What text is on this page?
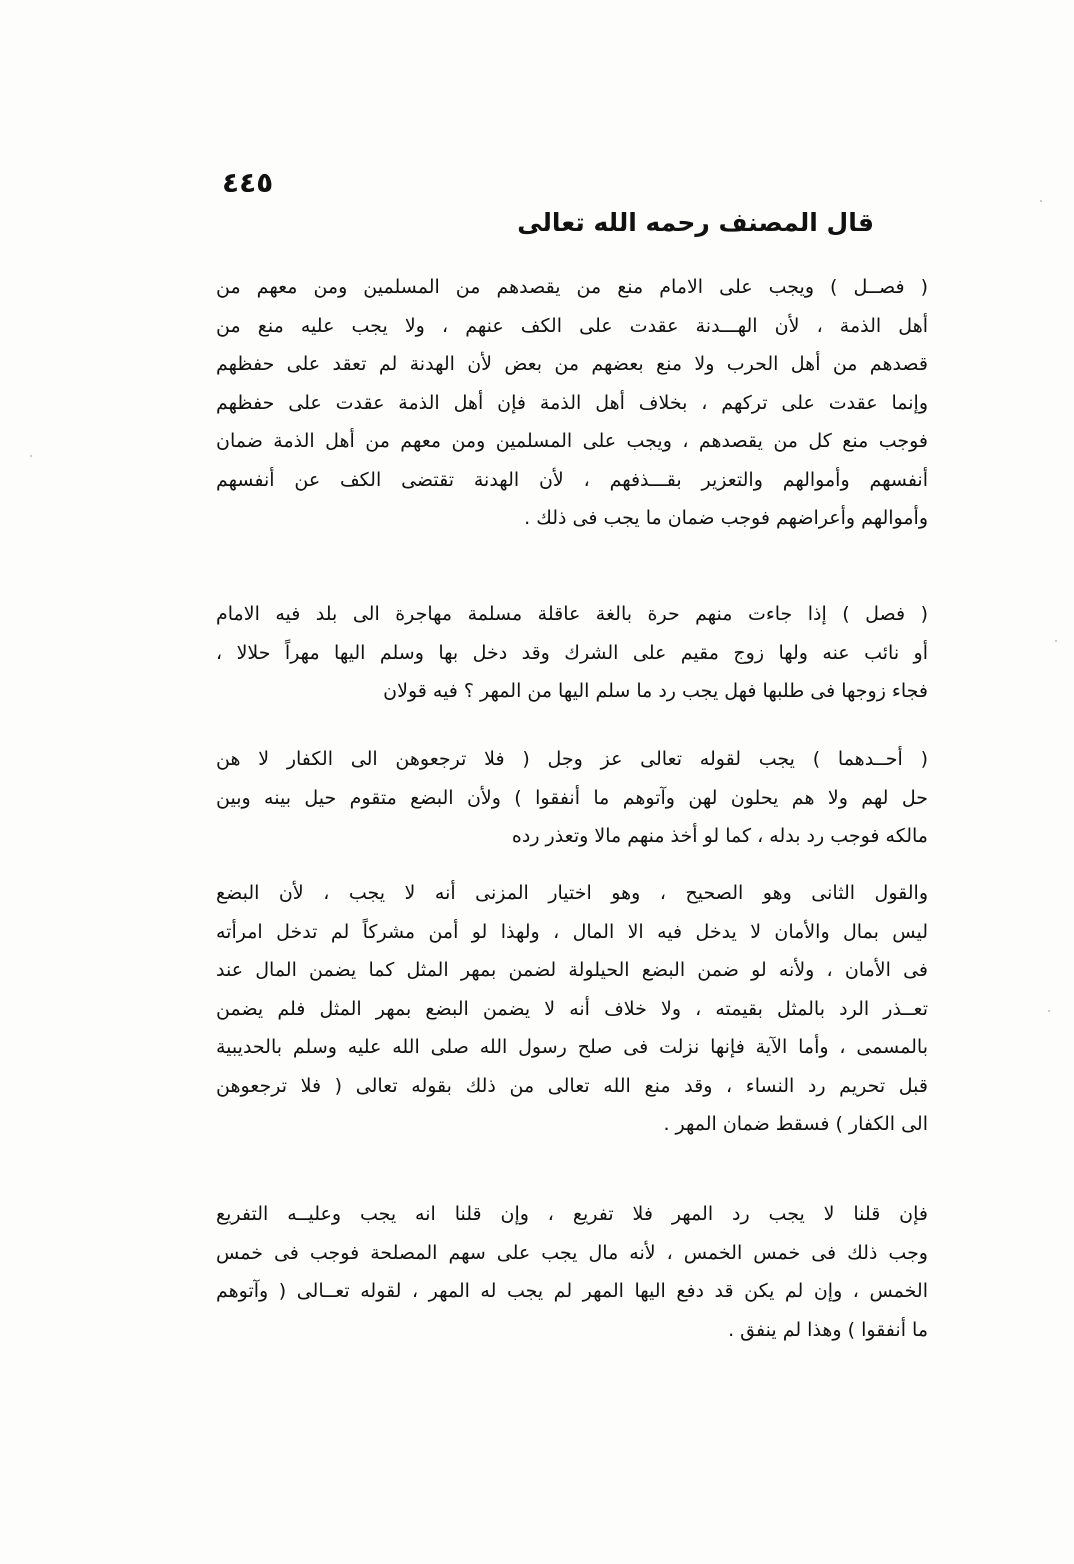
٤٤٥
قال المصنف رحمه الله تعالى
( فصــل ) ويجب على الامام منع من يقصدهم من المسلمين ومن معهم من
أهل الذمة ، لأن الهـــدنة عقدت على الكف عنهم ، ولا يجب عليه منع من
قصدهم من أهل الحرب ولا منع بعضهم من بعض لأن الهدنة لم تعقد على حفظهم
وإنما عقدت على تركهم ، بخلاف أهل الذمة فإن أهل الذمة عقدت على حفظهم
فوجب منع كل من يقصدهم ، ويجب على المسلمين ومن معهم من أهل الذمة ضمان
أنفسهم وأموالهم والتعزير بقـــذفهم ، لأن الهدنة تقتضى الكف عن أنفسهم
وأموالهم وأعراضهم فوجب ضمان ما يجب فى ذلك .
( فصل ) إذا جاءت منهم حرة بالغة عاقلة مسلمة مهاجرة الى بلد فيه الامام
أو نائب عنه ولها زوج مقيم على الشرك وقد دخل بها وسلم اليها مهراً حلالا ،
فجاء زوجها فى طلبها فهل يجب رد ما سلم اليها من المهر ؟ فيه قولان
( أحــدهما ) يجب لقوله تعالى عز وجل ( فلا ترجعوهن الى الكفار لا هن
حل لهم ولا هم يحلون لهن وآتوهم ما أنفقوا ) ولأن البضع متقوم حيل بينه وبين
مالكه فوجب رد بدله ، كما لو أخذ منهم مالا وتعذر رده
والقول الثانى وهو الصحيح ، وهو اختيار المزنى أنه لا يجب ، لأن البضع
ليس بمال والأمان لا يدخل فيه الا المال ، ولهذا لو أمن مشركاً لم تدخل امرأته
فى الأمان ، ولأنه لو ضمن البضع الحيلولة لضمن بمهر المثل كما يضمن المال عند
تعــذر الرد بالمثل بقيمته ، ولا خلاف أنه لا يضمن البضع بمهر المثل فلم يضمن
بالمسمى ، وأما الآية فإنها نزلت فى صلح رسول الله صلى الله عليه وسلم بالحديبية
قبل تحريم رد النساء ، وقد منع الله تعالى من ذلك بقوله تعالى ( فلا ترجعوهن
الى الكفار ) فسقط ضمان المهر .
فإن قلنا لا يجب رد المهر فلا تفريع ، وإن قلنا انه يجب وعليــه التفريع
وجب ذلك فى خمس الخمس ، لأنه مال يجب على سهم المصلحة فوجب فى خمس
الخمس ، وإن لم يكن قد دفع اليها المهر لم يجب له المهر ، لقوله تعــالى ( وآتوهم
ما أنفقوا ) وهذا لم ينفق .
